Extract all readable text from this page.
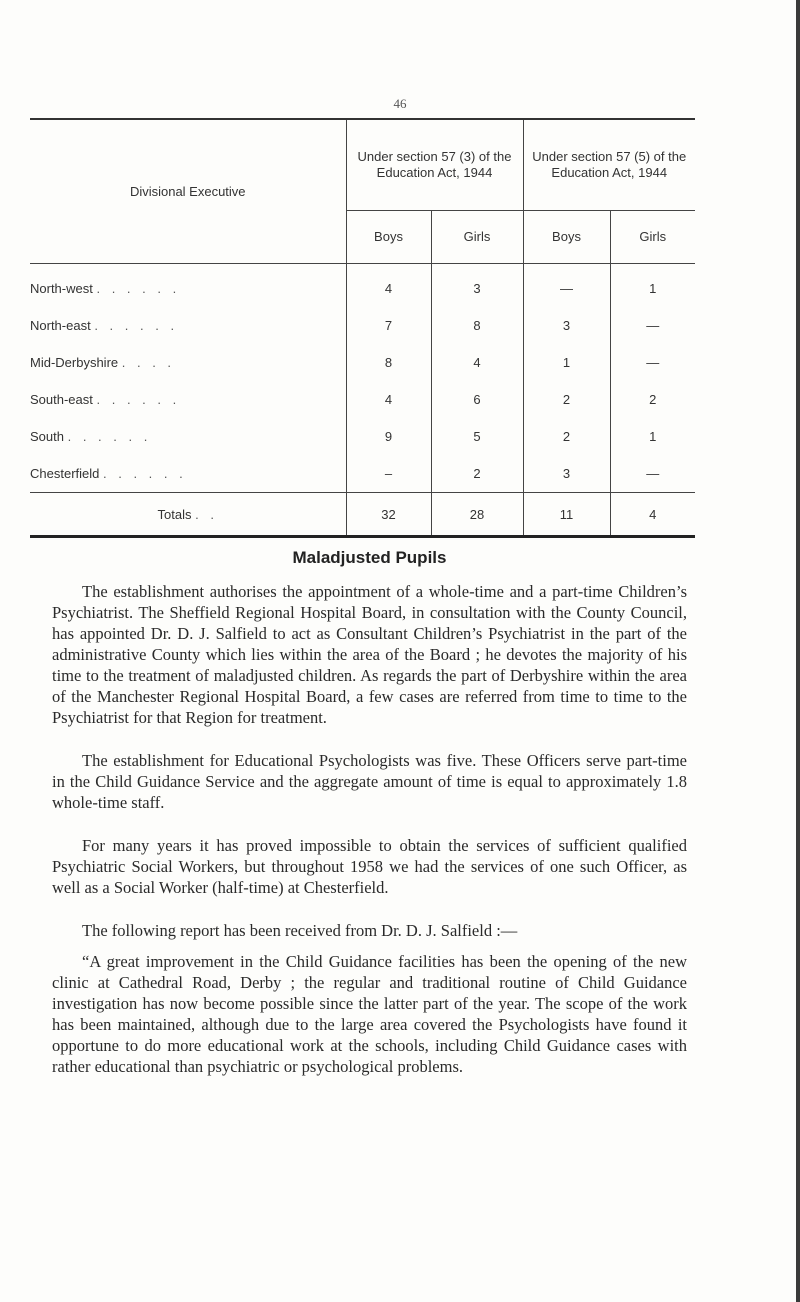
46
Divisional Executive	Under section 57 (3) of the Education Act, 1944		Under section 57 (5) of the Education Act, 1944	
	Boys	Girls	Boys	Girls
North-west . . . . . .	4	3	—	1
North-east . . . . . .	7	8	3	—
Mid-Derbyshire . . . .	8	4	1	—
South-east . . . . . .	4	6	2	2
South . . . . . .	9	5	2	1
Chesterfield . . . . . .	–	2	3	—
Totals . .	32	28	11	4
Maladjusted Pupils

The establishment authorises the appointment of a whole-time and a part-time Children’s Psychiatrist. The Sheffield Regional Hospital Board, in consultation with the County Council, has appointed Dr. D. J. Salfield to act as Consultant Children’s Psychiatrist in the part of the administrative County which lies within the area of the Board ; he devotes the majority of his time to the treatment of maladjusted children. As regards the part of Derbyshire within the area of the Manchester Regional Hospital Board, a few cases are referred from time to time to the Psychiatrist for that Region for treatment.

The establishment for Educational Psychologists was five. These Officers serve part-time in the Child Guidance Service and the aggregate amount of time is equal to approximately 1.8 whole-time staff.

For many years it has proved impossible to obtain the services of sufficient qualified Psychiatric Social Workers, but throughout 1958 we had the services of one such Officer, as well as a Social Worker (half-time) at Chesterfield.

The following report has been received from Dr. D. J. Salfield :—

“A great improvement in the Child Guidance facilities has been the opening of the new clinic at Cathedral Road, Derby ; the regular and traditional routine of Child Guidance investigation has now become possible since the latter part of the year. The scope of the work has been maintained, although due to the large area covered the Psychologists have found it opportune to do more educational work at the schools, including Child Guidance cases with rather educational than psychiatric or psychological problems.
